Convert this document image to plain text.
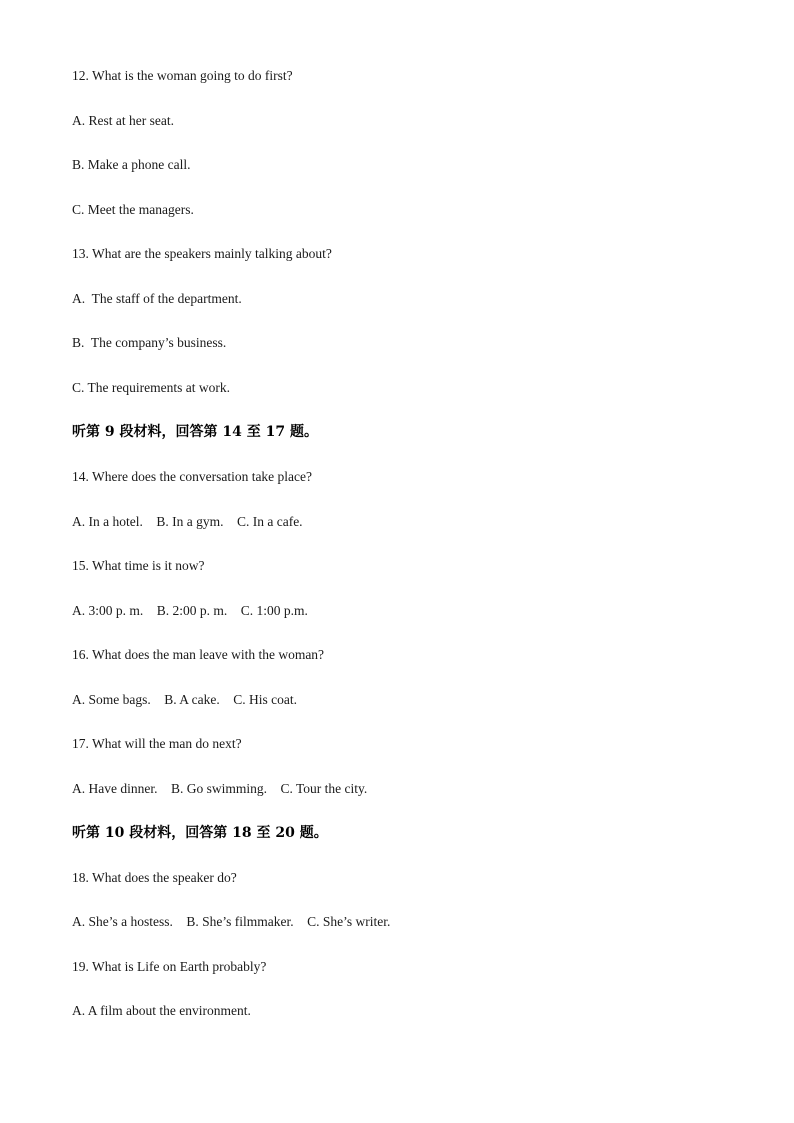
12. What is the woman going to do first?

A. Rest at her seat.

B. Make a phone call.

C. Meet the managers.

13. What are the speakers mainly talking about?

A.  The staff of the department.

B.  The company’s business.

C. The requirements at work.

听第 9 段材料，回答第 14 至 17 题。

14. Where does the conversation take place?

A. In a hotel.    B. In a gym.    C. In a cafe.

15. What time is it now?

A. 3:00 p. m.    B. 2:00 p. m.    C. 1:00 p.m.

16. What does the man leave with the woman?

A. Some bags.    B. A cake.    C. His coat.

17. What will the man do next?

A. Have dinner.    B. Go swimming.    C. Tour the city.

听第 10 段材料，回答第 18 至 20 题。

18. What does the speaker do?

A. She’s a hostess.    B. She’s filmmaker.    C. She’s writer.

19. What is Life on Earth probably?

A. A film about the environment.
